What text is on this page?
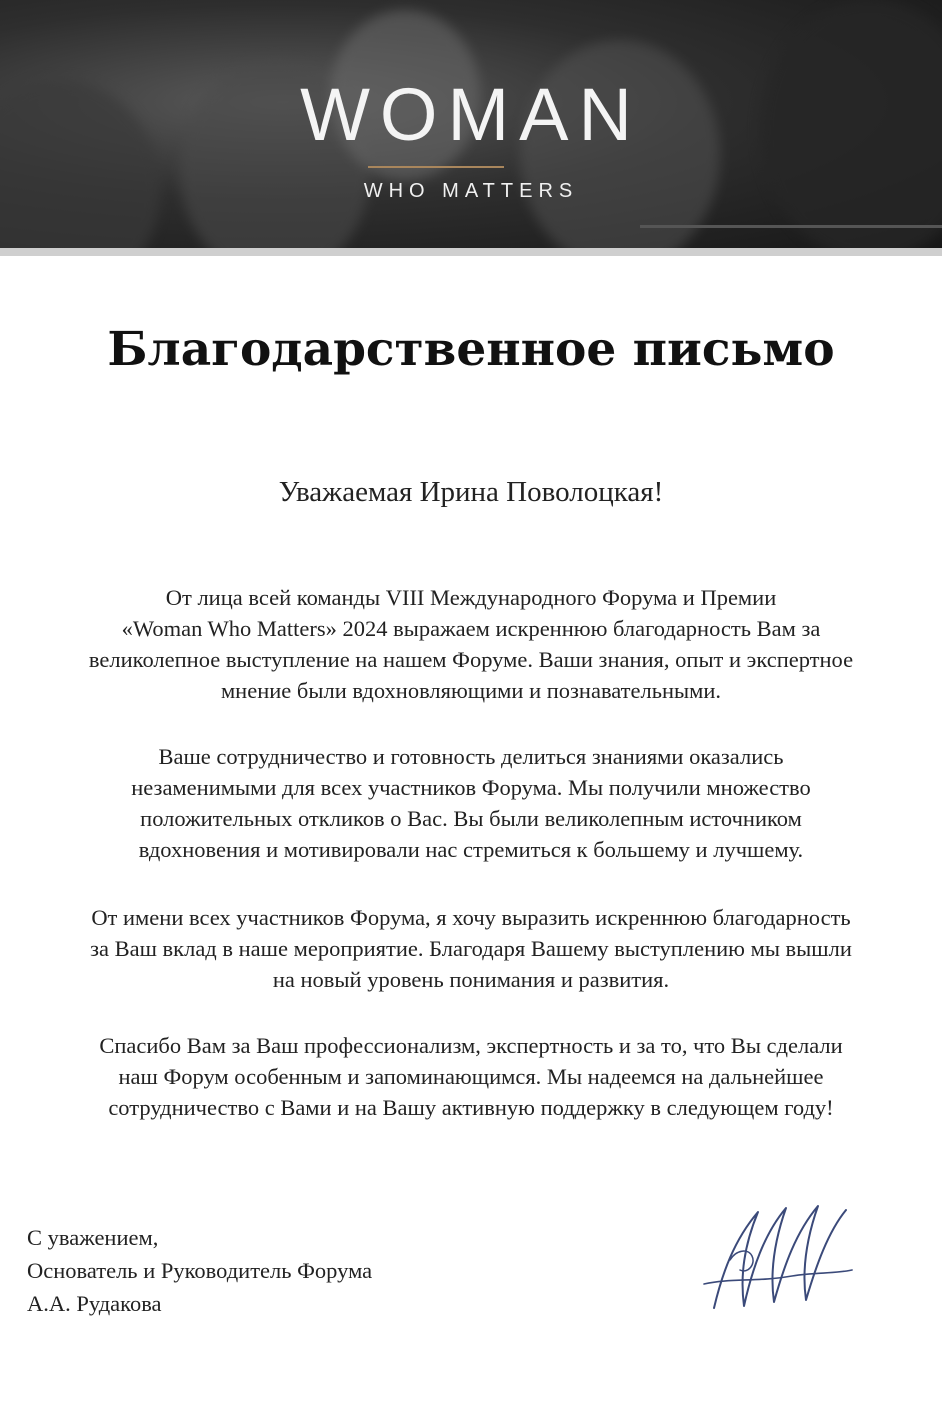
WOMAN
WHO MATTERS
Благодарственное письмо
Уважаемая Ирина Поволоцкая!
От лица всей команды VIII Международного Форума и Премии
«Woman Who Matters» 2024 выражаем искреннюю благодарность Вам за
великолепное выступление на нашем Форуме. Ваши знания, опыт и экспертное
мнение были вдохновляющими и познавательными.
Ваше сотрудничество и готовность делиться знаниями оказались
незаменимыми для всех участников Форума. Мы получили множество
положительных откликов о Вас. Вы были великолепным источником
вдохновения и мотивировали нас стремиться к большему и лучшему.
От имени всех участников Форума, я хочу выразить искреннюю благодарность
за Ваш вклад в наше мероприятие. Благодаря Вашему выступлению мы вышли
на новый уровень понимания и развития.
Спасибо Вам за Ваш профессионализм, экспертность и за то, что Вы сделали
наш Форум особенным и запоминающимся. Мы надеемся на дальнейшее
сотрудничество с Вами и на Вашу активную поддержку в следующем году!
С уважением,
Основатель и Руководитель Форума
А.А. Рудакова
